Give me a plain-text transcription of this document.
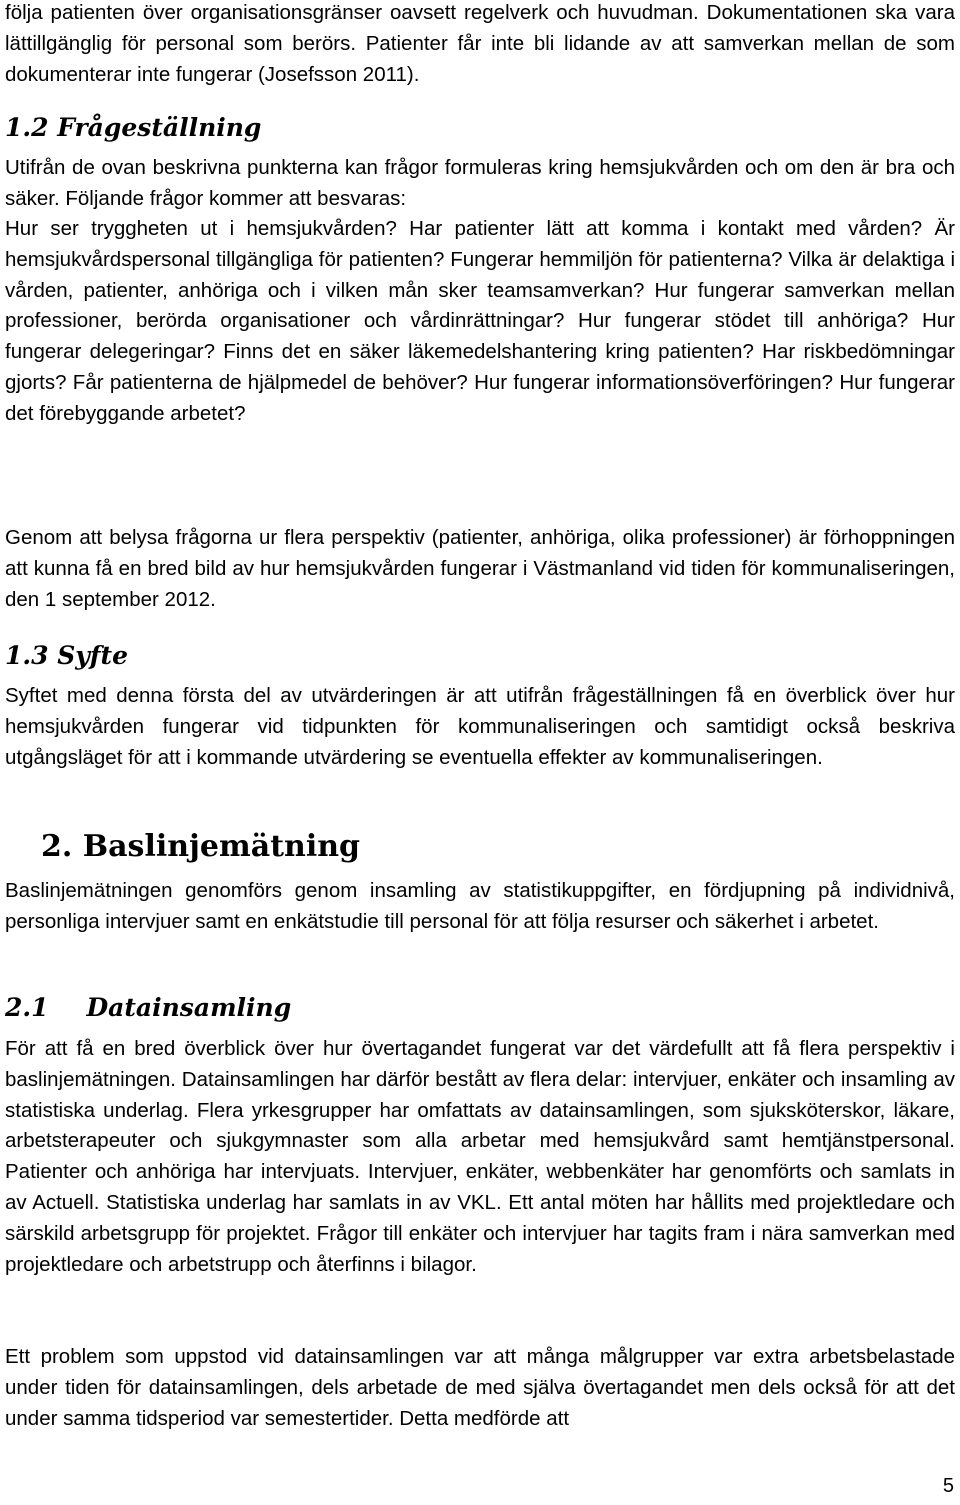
följa patienten över organisationsgränser oavsett regelverk och huvudman. Dokumentationen ska vara lättillgänglig för personal som berörs. Patienter får inte bli lidande av att samverkan mellan de som dokumenterar inte fungerar (Josefsson 2011).

1.2 Frågeställning

Utifrån de ovan beskrivna punkterna kan frågor formuleras kring hemsjukvården och om den är bra och säker. Följande frågor kommer att besvaras:

Hur ser tryggheten ut i hemsjukvården? Har patienter lätt att komma i kontakt med vården? Är hemsjukvårdspersonal tillgängliga för patienten? Fungerar hemmiljön för patienterna? Vilka är delaktiga i vården, patienter, anhöriga och i vilken mån sker teamsamverkan? Hur fungerar samverkan mellan professioner, berörda organisationer och vårdinrättningar? Hur fungerar stödet till anhöriga? Hur fungerar delegeringar? Finns det en säker läkemedelshantering kring patienten? Har riskbedömningar gjorts? Får patienterna de hjälpmedel de behöver? Hur fungerar informationsöverföringen? Hur fungerar det förebyggande arbetet?

Genom att belysa frågorna ur flera perspektiv (patienter, anhöriga, olika professioner) är förhoppningen att kunna få en bred bild av hur hemsjukvården fungerar i Västmanland vid tiden för kommunaliseringen, den 1 september 2012.

1.3 Syfte

Syftet med denna första del av utvärderingen är att utifrån frågeställningen få en överblick över hur hemsjukvården fungerar vid tidpunkten för kommunaliseringen och samtidigt också beskriva utgångsläget för att i kommande utvärdering se eventuella effekter av kommunaliseringen.

2. Baslinjemätning

Baslinjemätningen genomförs genom insamling av statistikuppgifter, en fördjupning på individnivå, personliga intervjuer samt en enkätstudie till personal för att följa resurser och säkerhet i arbetet.

2.1 Datainsamling

För att få en bred överblick över hur övertagandet fungerat var det värdefullt att få flera perspektiv i baslinjemätningen. Datainsamlingen har därför bestått av flera delar: intervjuer, enkäter och insamling av statistiska underlag. Flera yrkesgrupper har omfattats av datainsamlingen, som sjuksköterskor, läkare, arbetsterapeuter och sjukgymnaster som alla arbetar med hemsjukvård samt hemtjänstpersonal. Patienter och anhöriga har intervjuats. Intervjuer, enkäter, webbenkäter har genomförts och samlats in av Actuell. Statistiska underlag har samlats in av VKL. Ett antal möten har hållits med projektledare och särskild arbetsgrupp för projektet. Frågor till enkäter och intervjuer har tagits fram i nära samverkan med projektledare och arbetstrupp och återfinns i bilagor.

Ett problem som uppstod vid datainsamlingen var att många målgrupper var extra arbetsbelastade under tiden för datainsamlingen, dels arbetade de med själva övertagandet men dels också för att det under samma tidsperiod var semestertider. Detta medförde att

5
